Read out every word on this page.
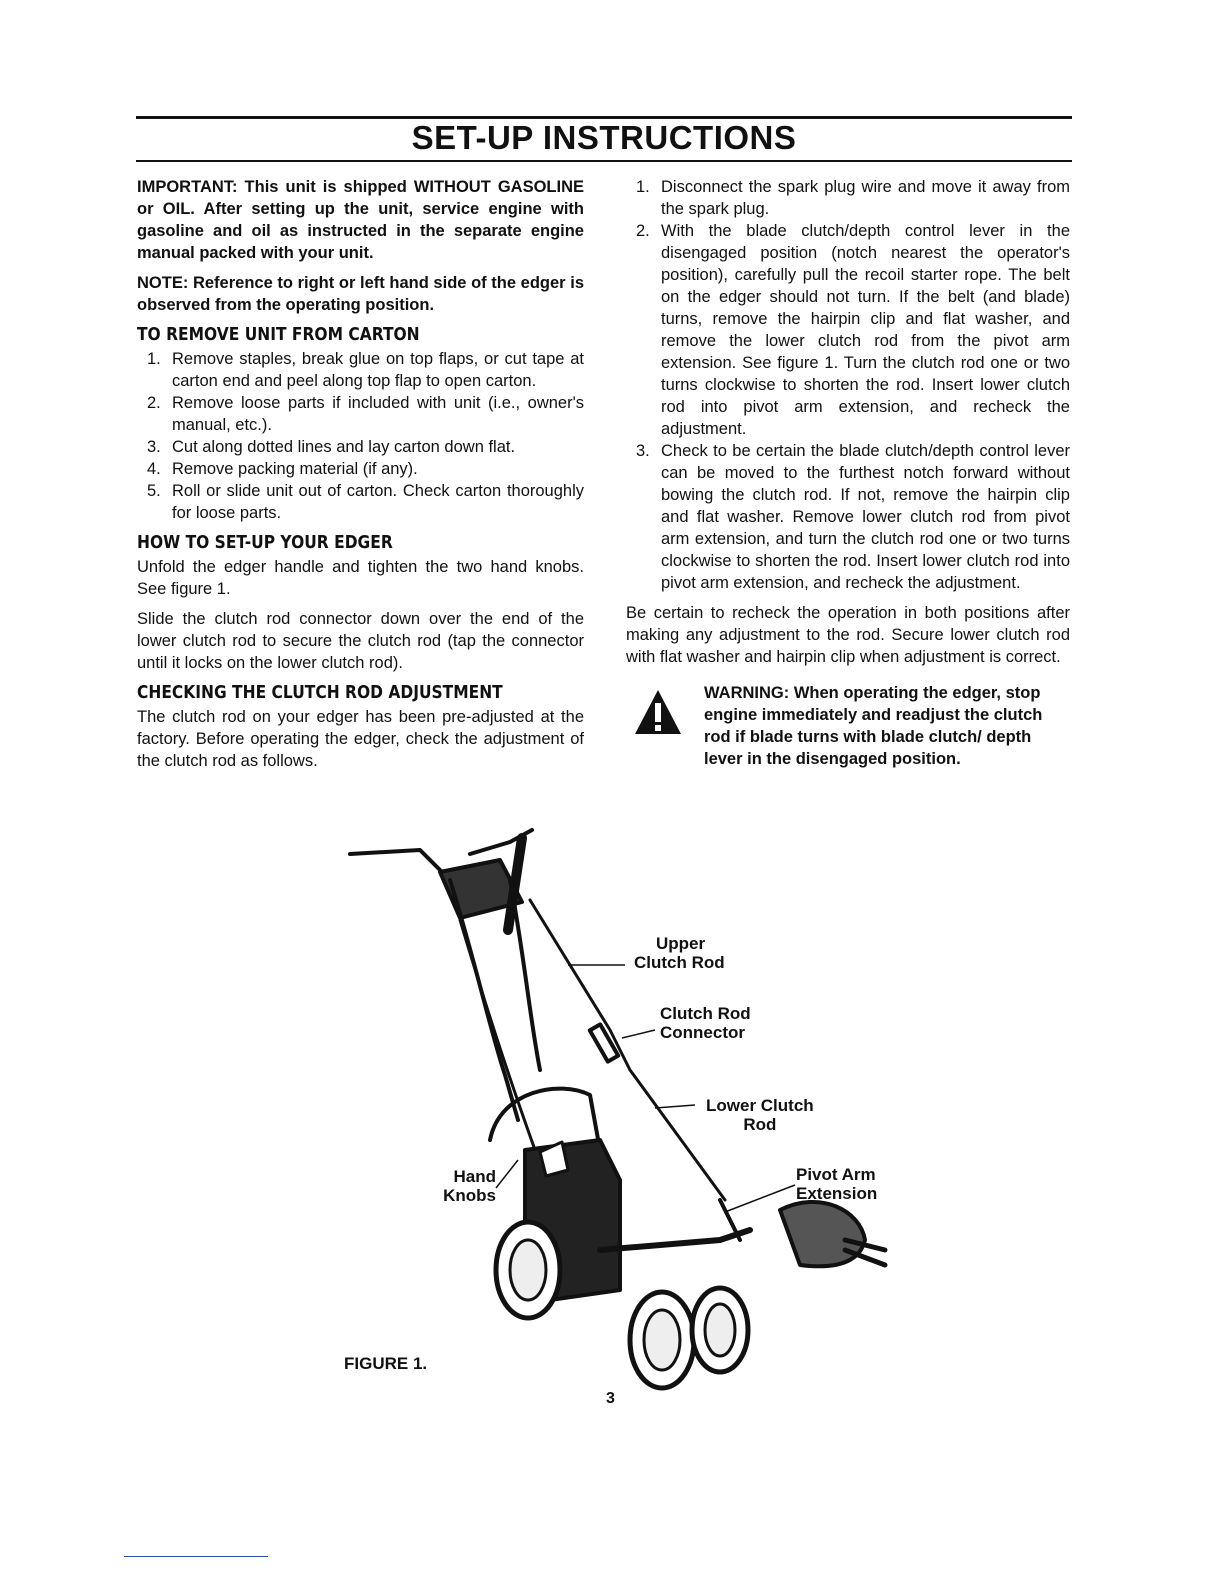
SET-UP INSTRUCTIONS

IMPORTANT: This unit is shipped WITHOUT GASOLINE or OIL. After setting up the unit, service engine with gasoline and oil as instructed in the separate engine manual packed with your unit.

NOTE: Reference to right or left hand side of the edger is observed from the operating position.

TO REMOVE UNIT FROM CARTON
1. Remove staples, break glue on top flaps, or cut tape at carton end and peel along top flap to open carton.
2. Remove loose parts if included with unit (i.e., owner's manual, etc.).
3. Cut along dotted lines and lay carton down flat.
4. Remove packing material (if any).
5. Roll or slide unit out of carton. Check carton thoroughly for loose parts.
HOW TO SET-UP YOUR EDGER

Unfold the edger handle and tighten the two hand knobs. See figure 1.

Slide the clutch rod connector down over the end of the lower clutch rod to secure the clutch rod (tap the connector until it locks on the lower clutch rod).

CHECKING THE CLUTCH ROD ADJUSTMENT

The clutch rod on your edger has been pre-adjusted at the factory. Before operating the edger, check the adjustment of the clutch rod as follows.

1. Disconnect the spark plug wire and move it away from the spark plug.
2. With the blade clutch/depth control lever in the disengaged position (notch nearest the operator's position), carefully pull the recoil starter rope. The belt on the edger should not turn. If the belt (and blade) turns, remove the hairpin clip and flat washer, and remove the lower clutch rod from the pivot arm extension. See figure 1. Turn the clutch rod one or two turns clockwise to shorten the rod. Insert lower clutch rod into pivot arm extension, and recheck the adjustment.
3. Check to be certain the blade clutch/depth control lever can be moved to the furthest notch forward without bowing the clutch rod. If not, remove the hairpin clip and flat washer. Remove lower clutch rod from pivot arm extension, and turn the clutch rod one or two turns clockwise to shorten the rod. Insert lower clutch rod into pivot arm extension, and recheck the adjustment.

Be certain to recheck the operation in both positions after making any adjustment to the rod. Secure lower clutch rod with flat washer and hairpin clip when adjustment is correct.

WARNING: When operating the edger, stop engine immediately and readjust the clutch rod if blade turns with blade clutch/ depth lever in the disengaged position.
Upper
Clutch Rod
Clutch Rod
Connector
Lower Clutch
Rod
Pivot Arm
Extension
Hand
Knobs
FIGURE 1.
3
